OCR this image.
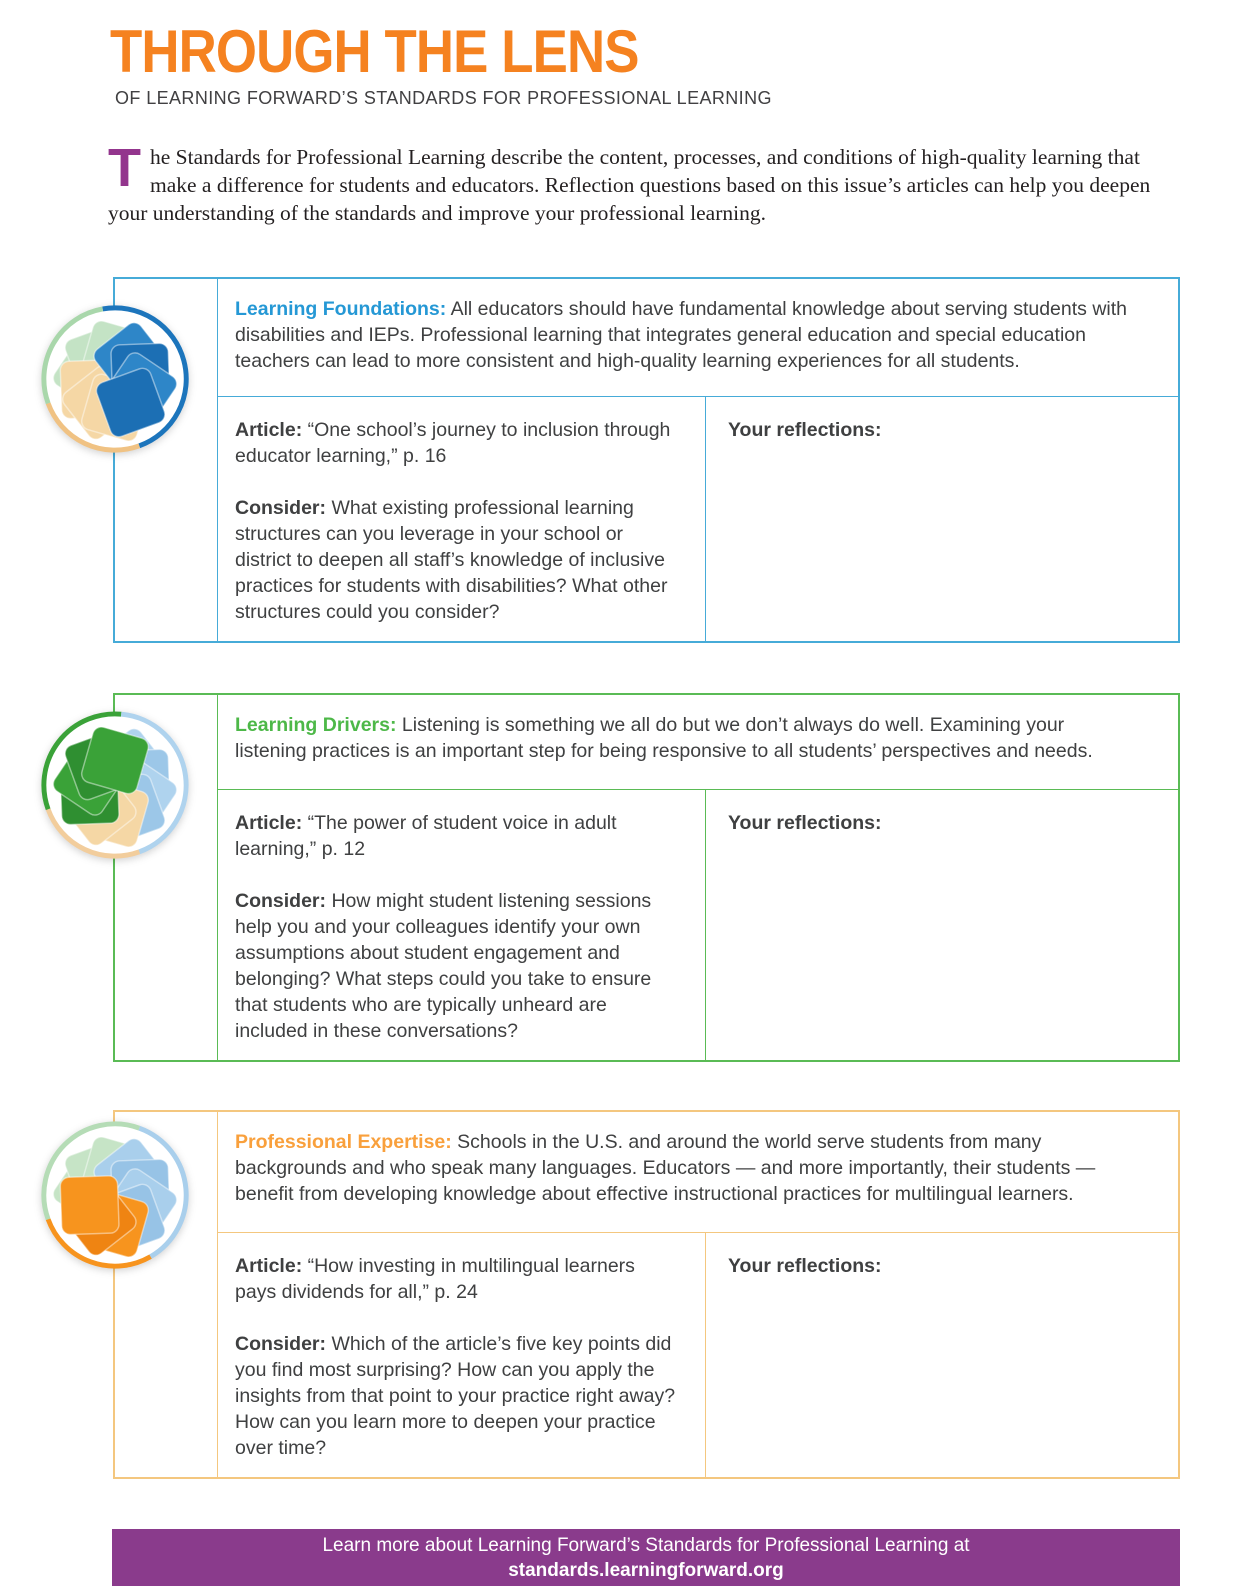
THROUGH THE LENS
OF LEARNING FORWARD’S STANDARDS FOR PROFESSIONAL LEARNING

The Standards for Professional Learning describe the content, processes, and conditions of high-quality learning that make a difference for students and educators. Reflection questions based on this issue’s articles can help you deepen your understanding of the standards and improve your professional learning.

Learning Foundations: All educators should have fundamental knowledge about serving students with disabilities and IEPs. Professional learning that integrates general education and special education teachers can lead to more consistent and high-quality learning experiences for all students.

Article: “One school’s journey to inclusion through educator learning,” p. 16

Consider: What existing professional learning structures can you leverage in your school or district to deepen all staff’s knowledge of inclusive practices for students with disabilities? What other structures could you consider?

Your reflections:
Learning Drivers: Listening is something we all do but we don’t always do well. Examining your listening practices is an important step for being responsive to all students’ perspectives and needs.

Article: “The power of student voice in adult learning,” p. 12

Consider: How might student listening sessions help you and your colleagues identify your own assumptions about student engagement and belonging? What steps could you take to ensure that students who are typically unheard are included in these conversations?

Your reflections:
Professional Expertise: Schools in the U.S. and around the world serve students from many backgrounds and who speak many languages. Educators — and more importantly, their students — benefit from developing knowledge about effective instructional practices for multilingual learners.

Article: “How investing in multilingual learners pays dividends for all,” p. 24

Consider: Which of the article’s five key points did you find most surprising? How can you apply the insights from that point to your practice right away? How can you learn more to deepen your practice over time?

Your reflections:
Learn more about Learning Forward’s Standards for Professional Learning at
standards.learningforward.org
